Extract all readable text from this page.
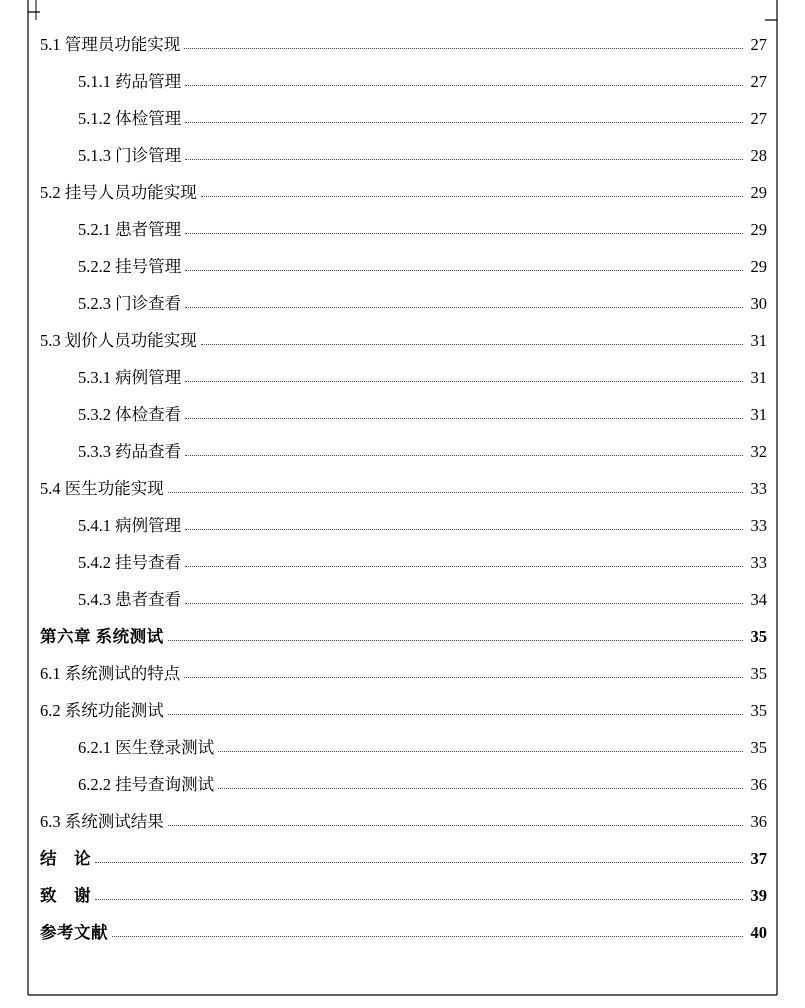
5.1 管理员功能实现	27
5.1.1 药品管理	27
5.1.2 体检管理	27
5.1.3 门诊管理	28
5.2 挂号人员功能实现	29
5.2.1 患者管理	29
5.2.2 挂号管理	29
5.2.3 门诊查看	30
5.3 划价人员功能实现	31
5.3.1 病例管理	31
5.3.2 体检查看	31
5.3.3 药品查看	32
5.4 医生功能实现	33
5.4.1 病例管理	33
5.4.2 挂号查看	33
5.4.3 患者查看	34
第六章 系统测试	35
6.1 系统测试的特点	35
6.2 系统功能测试	35
6.2.1 医生登录测试	35
6.2.2 挂号查询测试	36
6.3 系统测试结果	36
结　论	37
致　谢	39
参考文献	40
